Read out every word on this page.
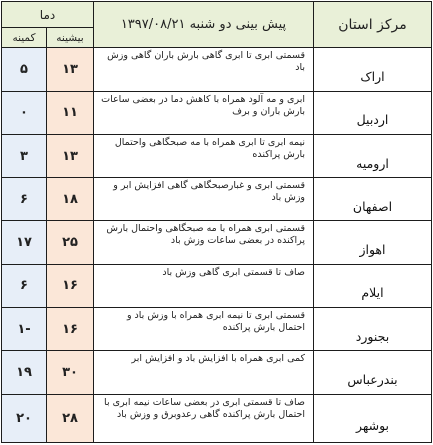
مرکز استان	پیش بینی دو شنبه ۱۳۹۷/۰۸/۲۱	دما	
		بیشینه	کمینه
اراک	قسمتی ابری تا ابری گاهی بارش باران گاهی وزش باد	۱۳	۵
اردبیل	ابری و مه آلود همراه با کاهش دما در بعضی ساعات بارش باران و برف	۱۱	۰
ارومیه	نیمه ابری تا ابری همراه با مه صبحگاهی واحتمال بارش پراکنده	۱۳	۳
اصفهان	قسمتی ابری و غبارصبحگاهی گاهی افزایش ابر و وزش باد	۱۸	۶
اهواز	قسمتی ابری همراه با مه صبحگاهی واحتمال بارش پراکنده در بعضی ساعات وزش باد	۲۵	۱۷
ایلام	صاف تا قسمتی ابری گاهی وزش باد	۱۶	۶
بجنورد	قسمتی ابری تا نیمه ابری همراه با وزش باد و احتمال بارش پراکنده	۱۶	-۱
بندرعباس	کمی ابری همراه با افزایش باد و افزایش ابر	۳۰	۱۹
بوشهر	صاف تا قسمتی ابری در بعضی ساعات نیمه ابری با احتمال بارش پراکنده گاهی رعدوبرق و وزش باد	۲۸	۲۰
